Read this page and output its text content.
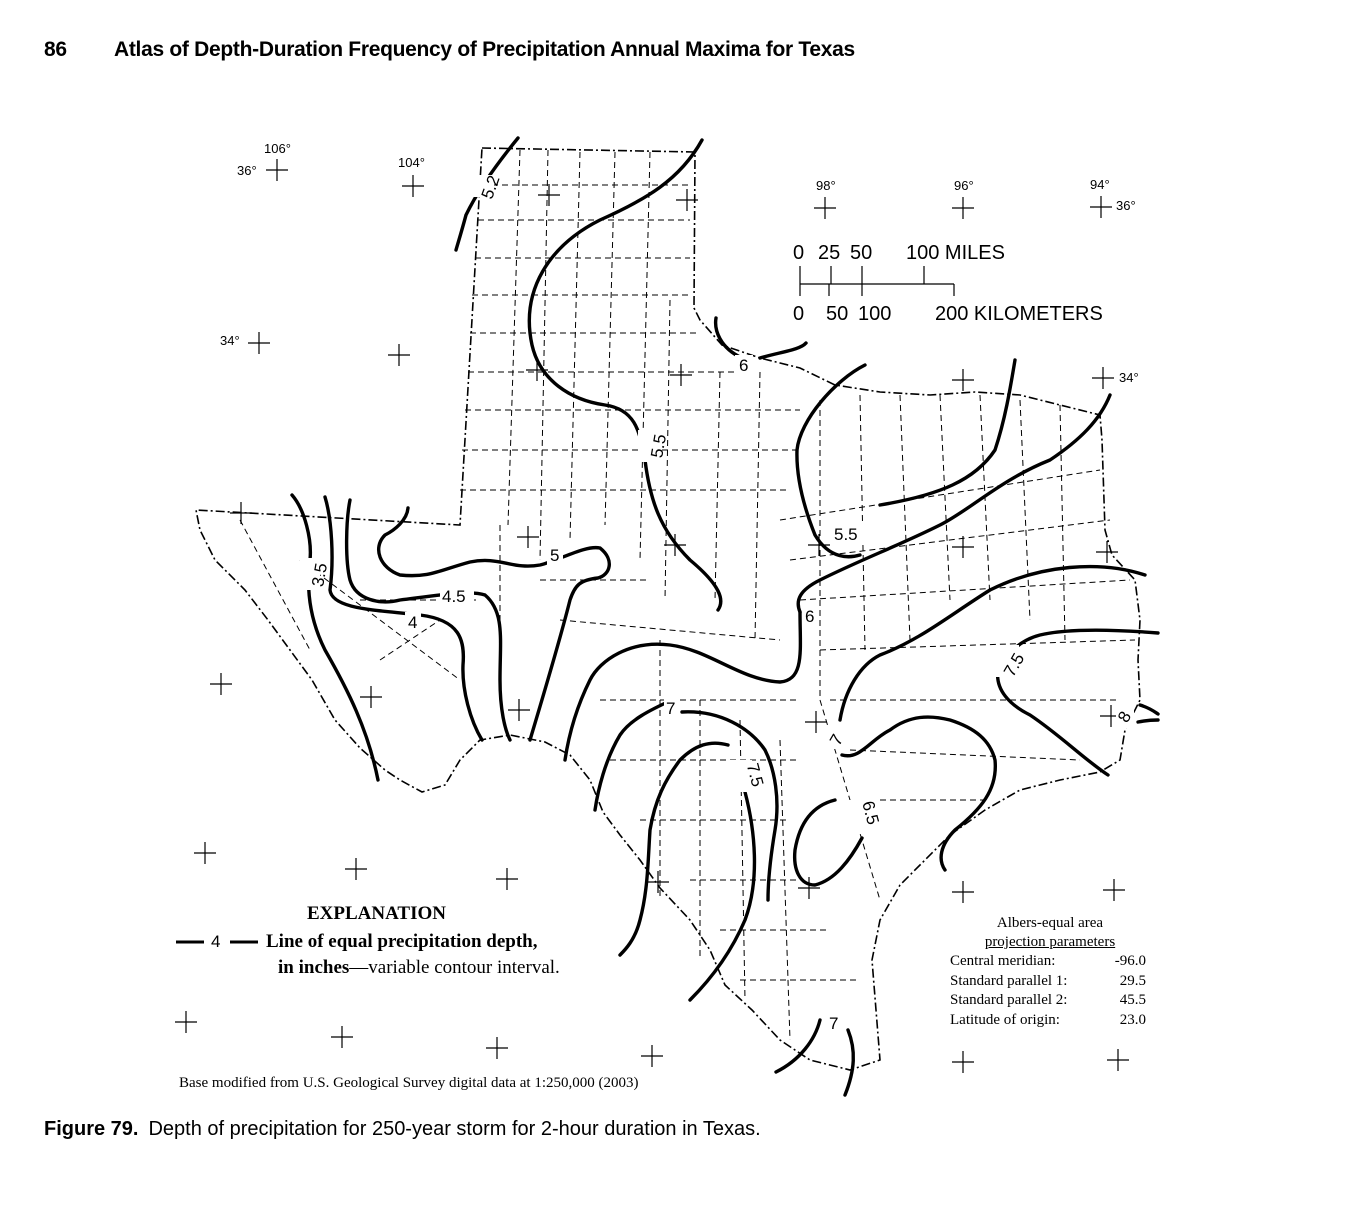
86 Atlas of Depth-Duration Frequency of Precipitation Annual Maxima for Texas
106°
104°
98°	96°	94°
36°
34°
36°
34°
0 25 50 100 MILES
0 50 100 200 KILOMETERS
5.2
6
5.5
5.5
5
4.5
4
3.5
6
7
7.5
7
6.5
7.5
8
7
EXPLANATION
4 Line of equal precipitation depth,
in inches—variable contour interval.
Base modified from U.S. Geological Survey digital data at 1:250,000 (2003)
Albers-equal area
projection parameters
Central meridian:	-96.0
Standard parallel 1:	29.5
Standard parallel 2:	45.5
Latitude of origin:	23.0
Figure 79. Depth of precipitation for 250-year storm for 2-hour duration in Texas.
